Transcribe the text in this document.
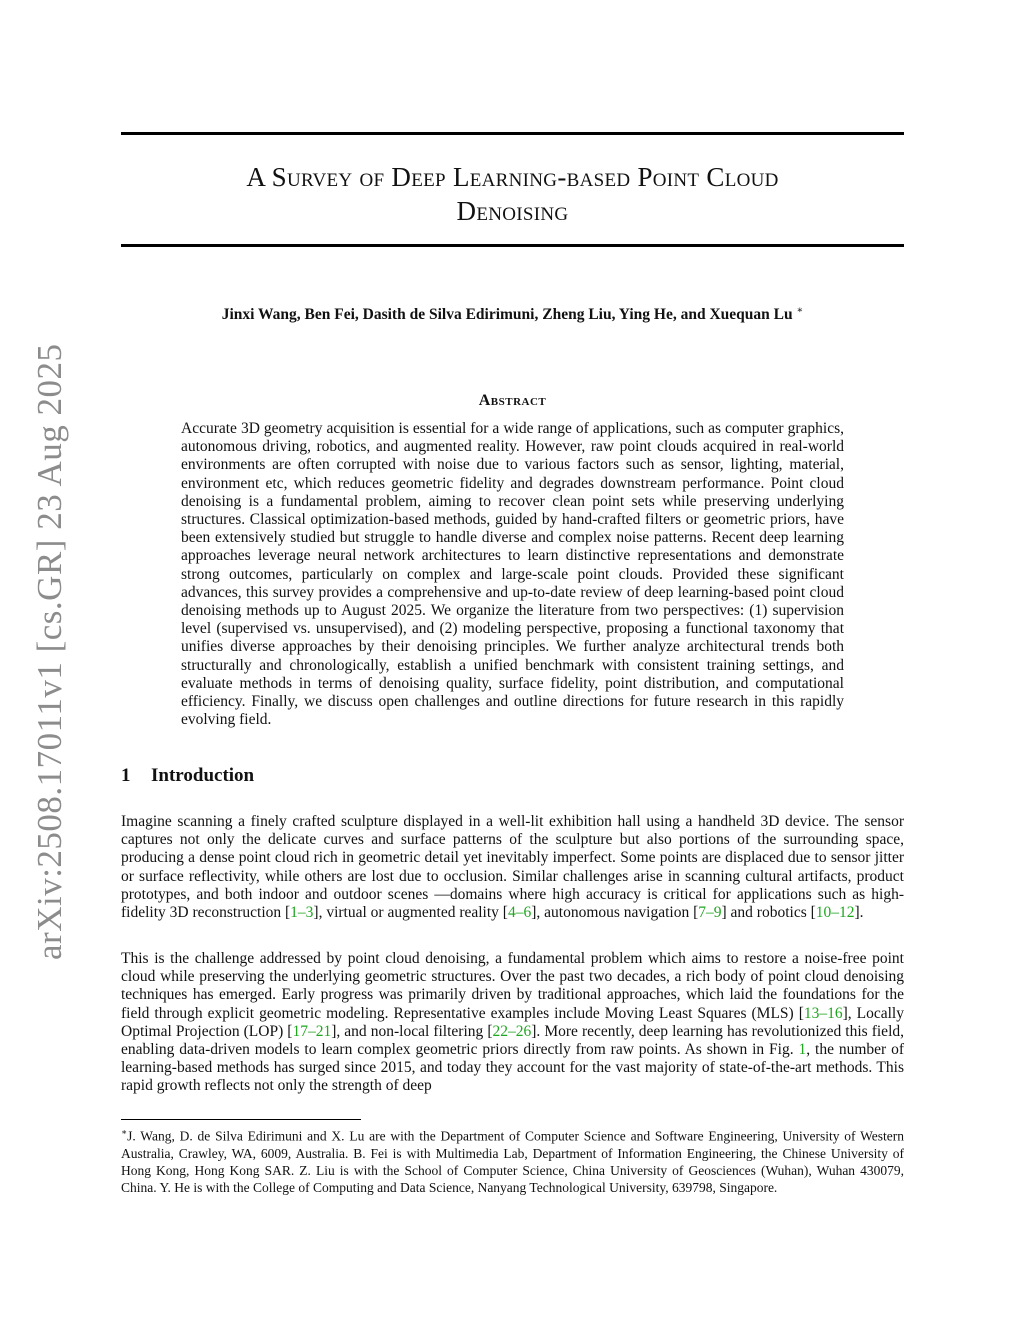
arXiv:2508.17011v1 [cs.GR] 23 Aug 2025
A Survey of Deep Learning-based Point Cloud
Denoising
Jinxi Wang, Ben Fei, Dasith de Silva Edirimuni, Zheng Liu, Ying He, and Xuequan Lu ∗
Abstract

Accurate 3D geometry acquisition is essential for a wide range of applications, such as computer graphics, autonomous driving, robotics, and augmented reality. However, raw point clouds acquired in real-world environments are often corrupted with noise due to various factors such as sensor, lighting, material, environment etc, which reduces geometric fidelity and degrades downstream performance. Point cloud denoising is a fundamental problem, aiming to recover clean point sets while preserving underlying structures. Classical optimization-based methods, guided by hand-crafted filters or geometric priors, have been extensively studied but struggle to handle diverse and complex noise patterns. Recent deep learning approaches leverage neural network architectures to learn distinctive representations and demonstrate strong outcomes, particularly on complex and large-scale point clouds. Provided these significant advances, this survey provides a comprehensive and up-to-date review of deep learning-based point cloud denoising methods up to August 2025. We organize the literature from two perspectives: (1) supervision level (supervised vs. unsupervised), and (2) modeling perspective, proposing a functional taxonomy that unifies diverse approaches by their denoising principles. We further analyze architectural trends both structurally and chronologically, establish a unified benchmark with consistent training settings, and evaluate methods in terms of denoising quality, surface fidelity, point distribution, and computational efficiency. Finally, we discuss open challenges and outline directions for future research in this rapidly evolving field.

1 Introduction

Imagine scanning a finely crafted sculpture displayed in a well-lit exhibition hall using a handheld 3D device. The sensor captures not only the delicate curves and surface patterns of the sculpture but also portions of the surrounding space, producing a dense point cloud rich in geometric detail yet inevitably imperfect. Some points are displaced due to sensor jitter or surface reflectivity, while others are lost due to occlusion. Similar challenges arise in scanning cultural artifacts, product prototypes, and both indoor and outdoor scenes —domains where high accuracy is critical for applications such as high-fidelity 3D reconstruction [1–3], virtual or augmented reality [4–6], autonomous navigation [7–9] and robotics [10–12].

This is the challenge addressed by point cloud denoising, a fundamental problem which aims to restore a noise-free point cloud while preserving the underlying geometric structures. Over the past two decades, a rich body of point cloud denoising techniques has emerged. Early progress was primarily driven by traditional approaches, which laid the foundations for the field through explicit geometric modeling. Representative examples include Moving Least Squares (MLS) [13–16], Locally Optimal Projection (LOP) [17–21], and non-local filtering [22–26]. More recently, deep learning has revolutionized this field, enabling data-driven models to learn complex geometric priors directly from raw points. As shown in Fig. 1, the number of learning-based methods has surged since 2015, and today they account for the vast majority of state-of-the-art methods. This rapid growth reflects not only the strength of deep

∗J. Wang, D. de Silva Edirimuni and X. Lu are with the Department of Computer Science and Software Engineering, University of Western Australia, Crawley, WA, 6009, Australia. B. Fei is with Multimedia Lab, Department of Information Engineering, the Chinese University of Hong Kong, Hong Kong SAR. Z. Liu is with the School of Computer Science, China University of Geosciences (Wuhan), Wuhan 430079, China. Y. He is with the College of Computing and Data Science, Nanyang Technological University, 639798, Singapore.
